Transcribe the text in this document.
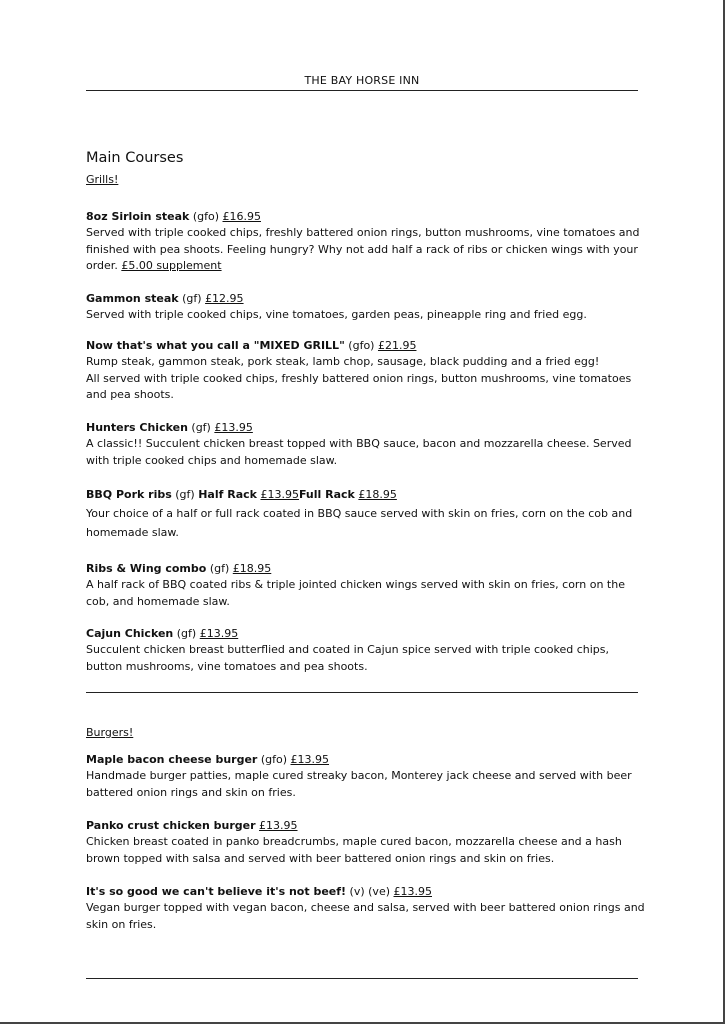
THE BAY HORSE INN
Main Courses
Grills!
8oz Sirloin steak (gfo) £16.95
Served with triple cooked chips, freshly battered onion rings, button mushrooms, vine tomatoes and finished with pea shoots. Feeling hungry? Why not add half a rack of ribs or chicken wings with your order. £5.00 supplement
Gammon steak (gf) £12.95
Served with triple cooked chips, vine tomatoes, garden peas, pineapple ring and fried egg.
Now that's what you call a "MIXED GRILL" (gfo) £21.95
Rump steak, gammon steak, pork steak, lamb chop, sausage, black pudding and a fried egg!
All served with triple cooked chips, freshly battered onion rings, button mushrooms, vine tomatoes and pea shoots.
Hunters Chicken (gf) £13.95
A classic!! Succulent chicken breast topped with BBQ sauce, bacon and mozzarella cheese. Served with triple cooked chips and homemade slaw.
BBQ Pork ribs (gf) Half Rack £13.95Full Rack £18.95
Your choice of a half or full rack coated in BBQ sauce served with skin on fries, corn on the cob and homemade slaw.
Ribs & Wing combo (gf) £18.95
A half rack of BBQ coated ribs & triple jointed chicken wings served with skin on fries, corn on the cob, and homemade slaw.
Cajun Chicken (gf) £13.95
Succulent chicken breast butterflied and coated in Cajun spice served with triple cooked chips, button mushrooms, vine tomatoes and pea shoots.
Burgers!
Maple bacon cheese burger (gfo) £13.95
Handmade burger patties, maple cured streaky bacon, Monterey jack cheese and served with beer battered onion rings and skin on fries.
Panko crust chicken burger £13.95
Chicken breast coated in panko breadcrumbs, maple cured bacon, mozzarella cheese and a hash brown topped with salsa and served with beer battered onion rings and skin on fries.
It's so good we can't believe it's not beef! (v) (ve) £13.95
Vegan burger topped with vegan bacon, cheese and salsa, served with beer battered onion rings and skin on fries.
